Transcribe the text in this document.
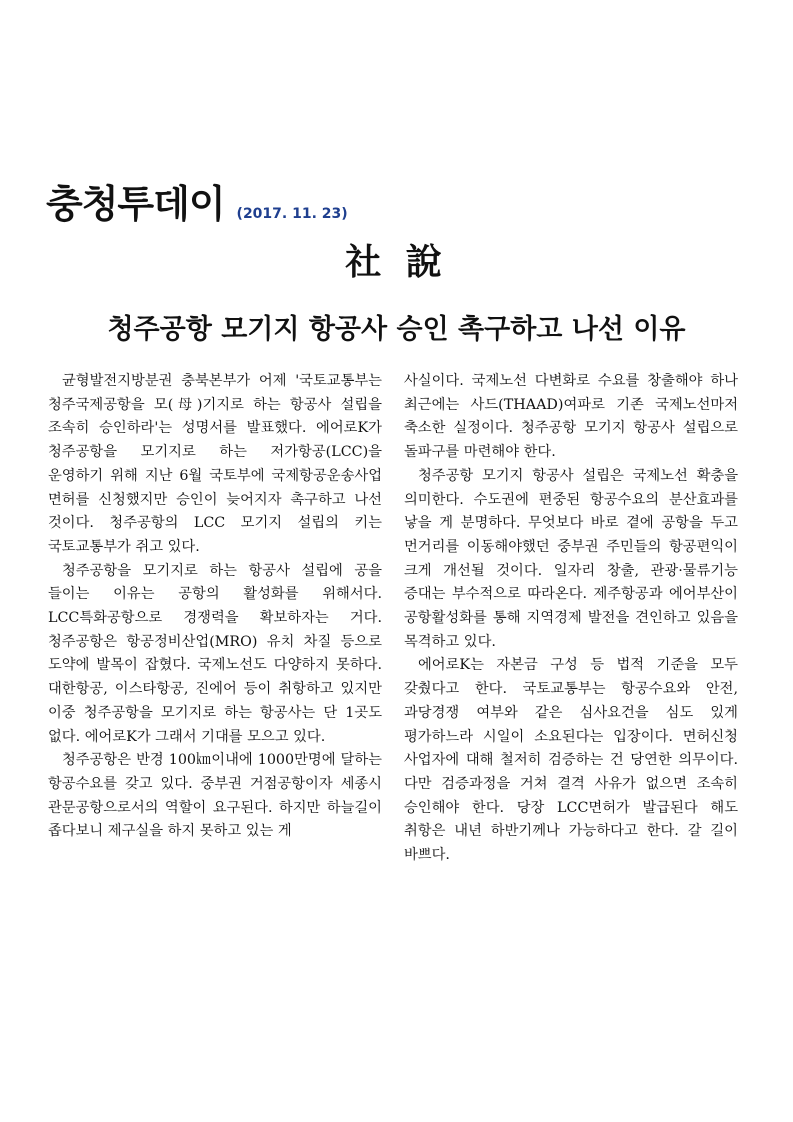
충청투데이 (2017. 11. 23)
社 說
청주공항 모기지 항공사 승인 촉구하고 나선 이유

균형발전지방분권 충북본부가 어제 '국토교통부는 청주국제공항을 모(母)기지로 하는 항공사 설립을 조속히 승인하라'는 성명서를 발표했다. 에어로K가 청주공항을 모기지로 하는 저가항공(LCC)을 운영하기 위해 지난 6월 국토부에 국제항공운송사업 면허를 신청했지만 승인이 늦어지자 촉구하고 나선 것이다. 청주공항의 LCC 모기지 설립의 키는 국토교통부가 쥐고 있다.

청주공항을 모기지로 하는 항공사 설립에 공을 들이는 이유는 공항의 활성화를 위해서다. LCC특화공항으로 경쟁력을 확보하자는 거다. 청주공항은 항공정비산업(MRO) 유치 차질 등으로 도약에 발목이 잡혔다. 국제노선도 다양하지 못하다. 대한항공, 이스타항공, 진에어 등이 취항하고 있지만 이중 청주공항을 모기지로 하는 항공사는 단 1곳도 없다. 에어로K가 그래서 기대를 모으고 있다.

청주공항은 반경 100㎞이내에 1000만명에 달하는 항공수요를 갖고 있다. 중부권 거점공항이자 세종시 관문공항으로서의 역할이 요구된다. 하지만 하늘길이 좁다보니 제구실을 하지 못하고 있는 게

사실이다. 국제노선 다변화로 수요를 창출해야 하나 최근에는 사드(THAAD)여파로 기존 국제노선마저 축소한 실정이다. 청주공항 모기지 항공사 설립으로 돌파구를 마련해야 한다.

청주공항 모기지 항공사 설립은 국제노선 확충을 의미한다. 수도권에 편중된 항공수요의 분산효과를 낳을 게 분명하다. 무엇보다 바로 곁에 공항을 두고 먼거리를 이동해야했던 중부권 주민들의 항공편익이 크게 개선될 것이다. 일자리 창출, 관광·물류기능 증대는 부수적으로 따라온다. 제주항공과 에어부산이 공항활성화를 통해 지역경제 발전을 견인하고 있음을 목격하고 있다.

에어로K는 자본금 구성 등 법적 기준을 모두 갖췄다고 한다. 국토교통부는 항공수요와 안전, 과당경쟁 여부와 같은 심사요건을 심도 있게 평가하느라 시일이 소요된다는 입장이다. 면허신청 사업자에 대해 철저히 검증하는 건 당연한 의무이다. 다만 검증과정을 거쳐 결격 사유가 없으면 조속히 승인해야 한다. 당장 LCC면허가 발급된다 해도 취항은 내년 하반기께나 가능하다고 한다. 갈 길이 바쁘다.
